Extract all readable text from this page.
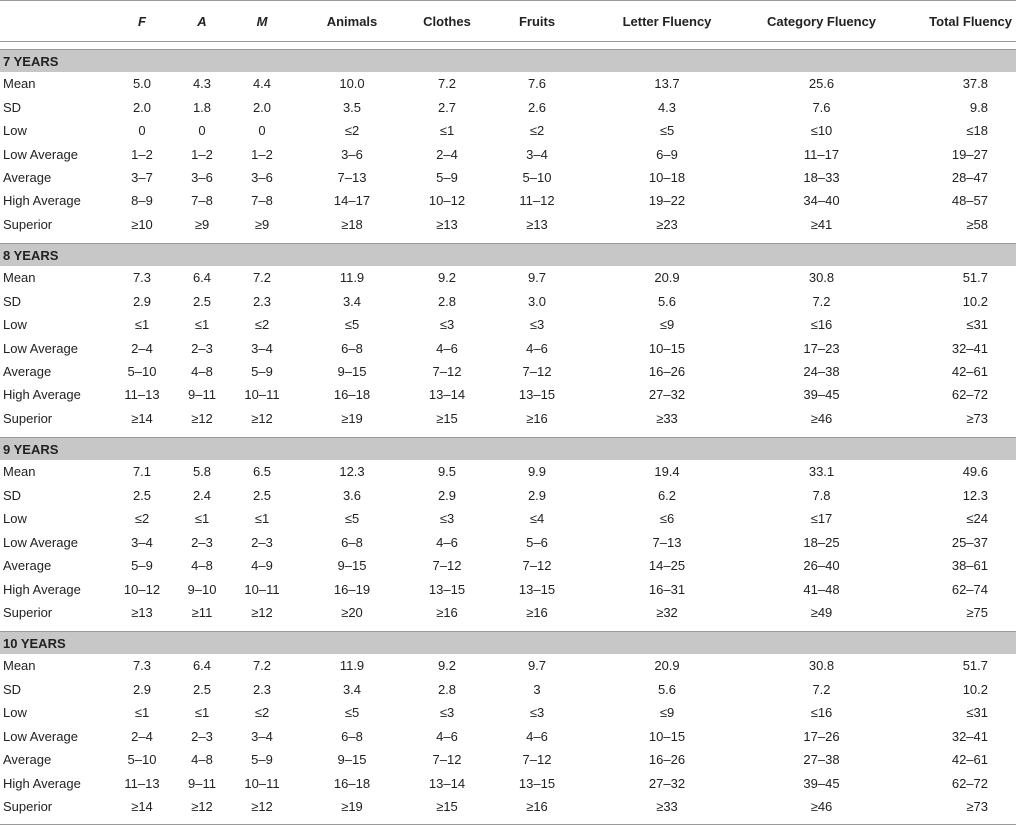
	F	A	M	Animals	Clothes	Fruits	Letter Fluency	Category Fluency	Total Fluency

7 YEARS									
Mean	5.0	4.3	4.4	10.0	7.2	7.6	13.7	25.6	37.8
SD	2.0	1.8	2.0	3.5	2.7	2.6	4.3	7.6	9.8
Low	0	0	0	≤2	≤1	≤2	≤5	≤10	≤18
Low Average	1–2	1–2	1–2	3–6	2–4	3–4	6–9	11–17	19–27
Average	3–7	3–6	3–6	7–13	5–9	5–10	10–18	18–33	28–47
High Average	8–9	7–8	7–8	14–17	10–12	11–12	19–22	34–40	48–57
Superior	≥10	≥9	≥9	≥18	≥13	≥13	≥23	≥41	≥58

8 YEARS									
Mean	7.3	6.4	7.2	11.9	9.2	9.7	20.9	30.8	51.7
SD	2.9	2.5	2.3	3.4	2.8	3.0	5.6	7.2	10.2
Low	≤1	≤1	≤2	≤5	≤3	≤3	≤9	≤16	≤31
Low Average	2–4	2–3	3–4	6–8	4–6	4–6	10–15	17–23	32–41
Average	5–10	4–8	5–9	9–15	7–12	7–12	16–26	24–38	42–61
High Average	11–13	9–11	10–11	16–18	13–14	13–15	27–32	39–45	62–72
Superior	≥14	≥12	≥12	≥19	≥15	≥16	≥33	≥46	≥73

9 YEARS									
Mean	7.1	5.8	6.5	12.3	9.5	9.9	19.4	33.1	49.6
SD	2.5	2.4	2.5	3.6	2.9	2.9	6.2	7.8	12.3
Low	≤2	≤1	≤1	≤5	≤3	≤4	≤6	≤17	≤24
Low Average	3–4	2–3	2–3	6–8	4–6	5–6	7–13	18–25	25–37
Average	5–9	4–8	4–9	9–15	7–12	7–12	14–25	26–40	38–61
High Average	10–12	9–10	10–11	16–19	13–15	13–15	16–31	41–48	62–74
Superior	≥13	≥11	≥12	≥20	≥16	≥16	≥32	≥49	≥75

10 YEARS									
Mean	7.3	6.4	7.2	11.9	9.2	9.7	20.9	30.8	51.7
SD	2.9	2.5	2.3	3.4	2.8	3	5.6	7.2	10.2
Low	≤1	≤1	≤2	≤5	≤3	≤3	≤9	≤16	≤31
Low Average	2–4	2–3	3–4	6–8	4–6	4–6	10–15	17–26	32–41
Average	5–10	4–8	5–9	9–15	7–12	7–12	16–26	27–38	42–61
High Average	11–13	9–11	10–11	16–18	13–14	13–15	27–32	39–45	62–72
Superior	≥14	≥12	≥12	≥19	≥15	≥16	≥33	≥46	≥73
